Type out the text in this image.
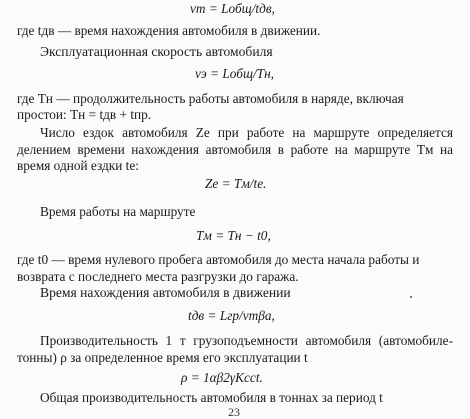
vт = Lобщ/tдв,
где tдв — время нахождения автомобиля в движении.
Эксплуатационная скорость автомобиля
vэ = Lобщ/Tн,
где Tн — продолжительность работы автомобиля в наряде, включая простои: Tн = tдв + tпр.
Число ездок автомобиля Zе при работе на маршруте определяется делением времени нахождения автомобиля в работе на маршруте Tм на время одной ездки tе:
Zе = Tм/tе.
Время работы на маршруте
Tм = Tн − t0,
где t0 — время нулевого пробега автомобиля до места начала работы и возврата с последнего места разгрузки до гаража.
Время нахождения автомобиля в движении
tдв = Lгр/vтβа,
Производительность 1 т грузоподъемности автомобиля (автомобиле-тонны) ρ за определенное время его эксплуатации t
ρ = 1αβ2γKссt.
Общая производительность автомобиля в тоннах за период t
23
